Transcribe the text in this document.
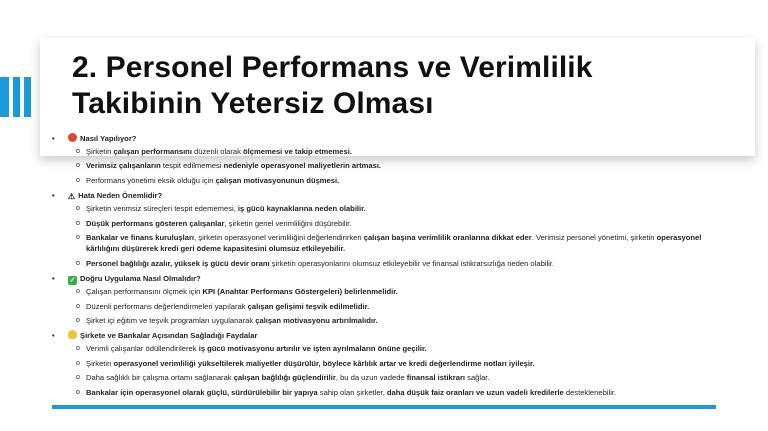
2. Personel Performans ve Verimlilik
Takibinin Yetersiz Olması
•	Nasıl Yapılıyor?
o Şirketin çalışan performansını düzenli olarak ölçmemesi ve takip etmemesi.
o Verimsiz çalışanların tespit edilmemesi nedeniyle operasyonel maliyetlerin artması.
o Performans yönetimi eksik olduğu için çalışan motivasyonunun düşmesi.
• ⚠ Hata Neden Önemlidir?
o Şirketin verimsiz süreçleri tespit edememesi, iş gücü kaynaklarına neden olabilir.
o Düşük performans gösteren çalışanlar, şirketin genel verimliliğini düşürebilir.
o Bankalar ve finans kuruluşları, şirketin operasyonel verimliliğini değerlendirirken çalışan başına verimlilik oranlarına dikkat eder. Verimsiz personel yönetimi, şirketin operasyonel kârlılığını düşürerek kredi geri ödeme kapasitesini olumsuz etkileyebilir.
o Personel bağlılığı azalır, yüksek iş gücü devir oranı şirketin operasyonlarını olumsuz etkileyebilir ve finansal istikrarsızlığa neden olabilir.
•
✓	Doğru Uygulama Nasıl Olmalıdır?
o Çalışan performansını ölçmek için KPI (Anahtar Performans Göstergeleri) belirlenmelidir.
o Düzenli performans değerlendirmeleri yapılarak çalışan gelişimi teşvik edilmelidir.
o Şirket içi eğitim ve teşvik programları uygulanarak çalışan motivasyonu artırılmalıdır.
•	Şirkete ve Bankalar Açısından Sağladığı Faydalar
o Verimli çalışanlar ödüllendirilerek iş gücü motivasyonu artırılır ve işten ayrılmaların önüne geçilir.
o Şirketin operasyonel verimliliği yükseltilerek maliyetler düşürülür, böylece kârlılık artar ve kredi değerlendirme notları iyileşir.
o Daha sağlıklı bir çalışma ortamı sağlanarak çalışan bağlılığı güçlendirilir, bu da uzun vadede finansal istikrarı sağlar.
o Bankalar için operasyonel olarak güçlü, sürdürülebilir bir yapıya sahip olan şirketler, daha düşük faiz oranları ve uzun vadeli kredilerle desteklenebilir.
